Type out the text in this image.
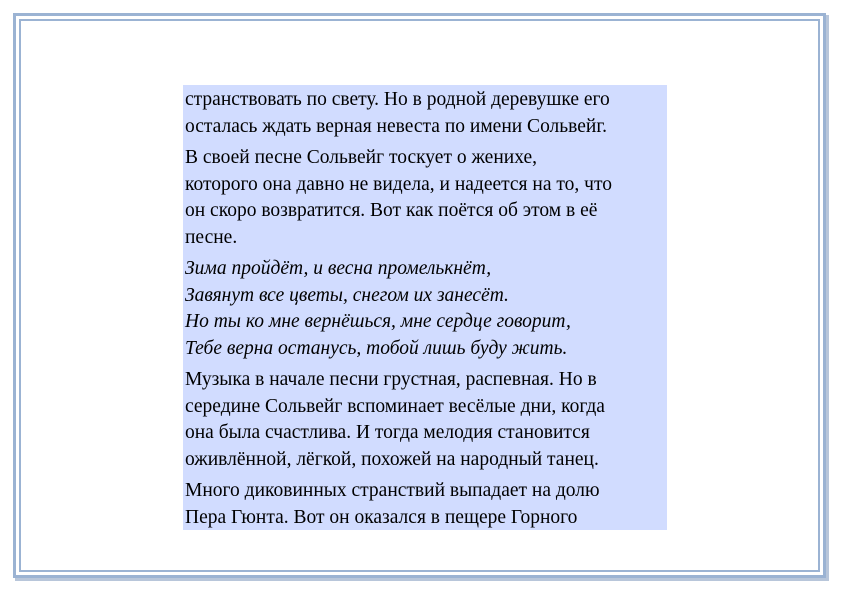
странствовать по свету. Но в родной деревушке его
осталась ждать верная невеста по имени Сольвейг.
В своей песне Сольвейг тоскует о женихе,
которого она давно не видела, и надеется на то, что
он скоро возвратится. Вот как поётся об этом в её
песне.
Зима пройдёт, и весна промелькнёт,
Завянут все цветы, снегом их занесёт.
Но ты ко мне вернёшься, мне сердце говорит,
Тебе верна останусь, тобой лишь буду жить.
Музыка в начале песни грустная, распевная. Но в
середине Сольвейг вспоминает весёлые дни, когда
она была счастлива. И тогда мелодия становится
оживлённой, лёгкой, похожей на народный танец.
Много диковинных странствий выпадает на долю
Пера Гюнта. Вот он оказался в пещере Горного
